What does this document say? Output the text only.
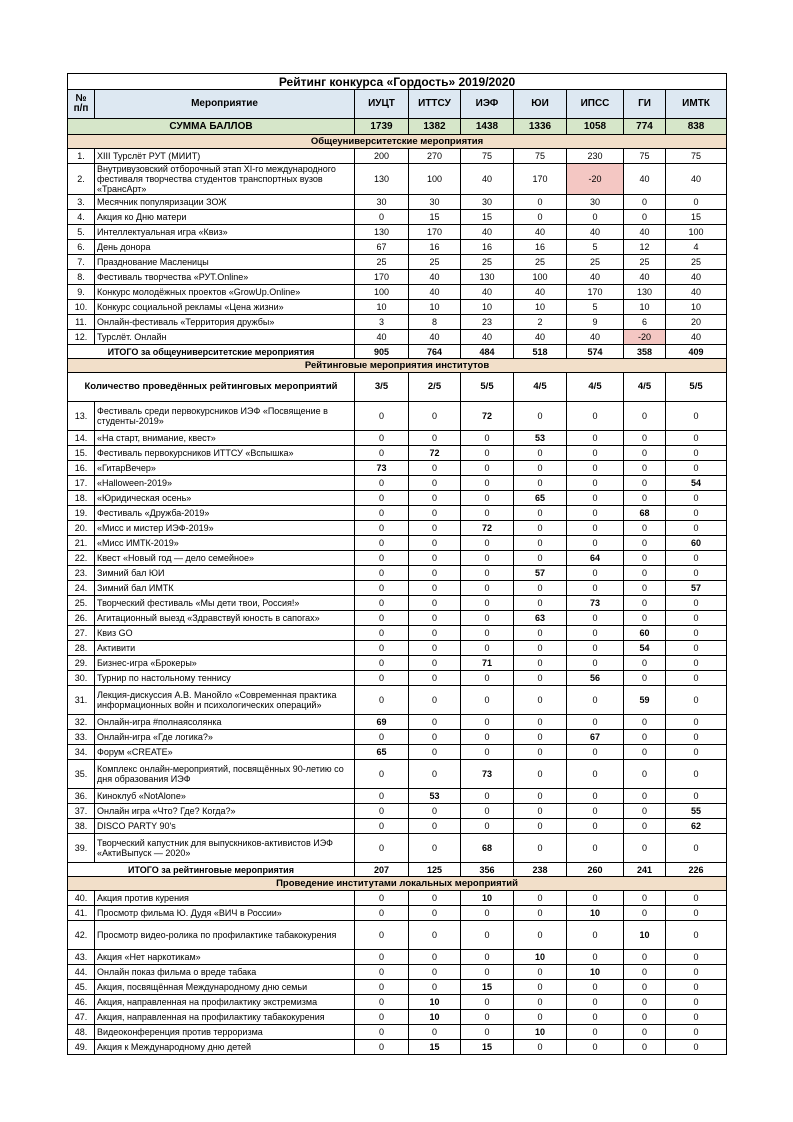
Рейтинг конкурса «Гордость» 2019/2020								
№ п/п	Мероприятие	ИУЦТ	ИТТСУ	ИЭФ	ЮИ	ИПСС	ГИ	ИМТК
СУММА БАЛЛОВ		1739	1382	1438	1336	1058	774	838
Общеуниверситетские мероприятия								
1.	XIII Турслёт РУТ (МИИТ)	200	270	75	75	230	75	75
2.	Внутривузовский отборочный этап XI-го международного фестиваля творчества студентов транспортных вузов «ТрансАрт»	130	100	40	170	-20	40	40
3.	Месячник популяризации ЗОЖ	30	30	30	0	30	0	0
4.	Акция ко Дню матери	0	15	15	0	0	0	15
5.	Интеллектуальная игра «Квиз»	130	170	40	40	40	40	100
6.	День донора	67	16	16	16	5	12	4
7.	Празднование Масленицы	25	25	25	25	25	25	25
8.	Фестиваль творчества «РУТ.Online»	170	40	130	100	40	40	40
9.	Конкурс молодёжных проектов «GrowUp.Online»	100	40	40	40	170	130	40
10.	Конкурс социальной рекламы «Цена жизни»	10	10	10	10	5	10	10
11.	Онлайн-фестиваль «Территория дружбы»	3	8	23	2	9	6	20
12.	Турслёт. Онлайн	40	40	40	40	40	-20	40
ИТОГО за общеуниверситетские мероприятия		905	764	484	518	574	358	409
Рейтинговые мероприятия институтов								
Количество проведённых рейтинговых мероприятий		3/5	2/5	5/5	4/5	4/5	4/5	5/5
13.	Фестиваль среди первокурсников ИЭФ «Посвящение в студенты-2019»	0	0	72	0	0	0	0
14.	«На старт, внимание, квест»	0	0	0	53	0	0	0
15.	Фестиваль первокурсников ИТТСУ «Вспышка»	0	72	0	0	0	0	0
16.	«ГитарВечер»	73	0	0	0	0	0	0
17.	«Halloween-2019»	0	0	0	0	0	0	54
18.	«Юридическая осень»	0	0	0	65	0	0	0
19.	Фестиваль «Дружба-2019»	0	0	0	0	0	68	0
20.	«Мисс и мистер ИЭФ-2019»	0	0	72	0	0	0	0
21.	«Мисс ИМТК-2019»	0	0	0	0	0	0	60
22.	Квест «Новый год — дело семейное»	0	0	0	0	64	0	0
23.	Зимний бал ЮИ	0	0	0	57	0	0	0
24.	Зимний бал ИМТК	0	0	0	0	0	0	57
25.	Творческий фестиваль «Мы дети твои, Россия!»	0	0	0	0	73	0	0
26.	Агитационный выезд «Здравствуй юность в сапогах»	0	0	0	63	0	0	0
27.	Квиз GO	0	0	0	0	0	60	0
28.	Активити	0	0	0	0	0	54	0
29.	Бизнес-игра «Брокеры»	0	0	71	0	0	0	0
30.	Турнир по настольному теннису	0	0	0	0	56	0	0
31.	Лекция-дискуссия А.В. Манойло «Современная практика информационных войн и психологических операций»	0	0	0	0	0	59	0
32.	Онлайн-игра #полнаясолянка	69	0	0	0	0	0	0
33.	Онлайн-игра «Где логика?»	0	0	0	0	67	0	0
34.	Форум «CREATE»	65	0	0	0	0	0	0
35.	Комплекс онлайн-мероприятий, посвящённых 90-летию со дня образования ИЭФ	0	0	73	0	0	0	0
36.	Киноклуб «NotAlone»	0	53	0	0	0	0	0
37.	Онлайн игра «Что? Где? Когда?»	0	0	0	0	0	0	55
38.	DISCO PARTY 90's	0	0	0	0	0	0	62
39.	Творческий капустник для выпускников-активистов ИЭФ «АктиВыпуск — 2020»	0	0	68	0	0	0	0
ИТОГО за рейтинговые мероприятия		207	125	356	238	260	241	226
Проведение институтами локальных мероприятий								
40.	Акция против курения	0	0	10	0	0	0	0
41.	Просмотр фильма Ю. Дудя «ВИЧ в России»	0	0	0	0	10	0	0
42.	Просмотр видео-ролика по профилактике табакокурения	0	0	0	0	0	10	0
43.	Акция «Нет наркотикам»	0	0	0	10	0	0	0
44.	Онлайн показ фильма о вреде табака	0	0	0	0	10	0	0
45.	Акция, посвящённая Международному дню семьи	0	0	15	0	0	0	0
46.	Акция, направленная на профилактику экстремизма	0	10	0	0	0	0	0
47.	Акция, направленная на профилактику табакокурения	0	10	0	0	0	0	0
48.	Видеоконференция против терроризма	0	0	0	10	0	0	0
49.	Акция к Международному дню детей	0	15	15	0	0	0	0
